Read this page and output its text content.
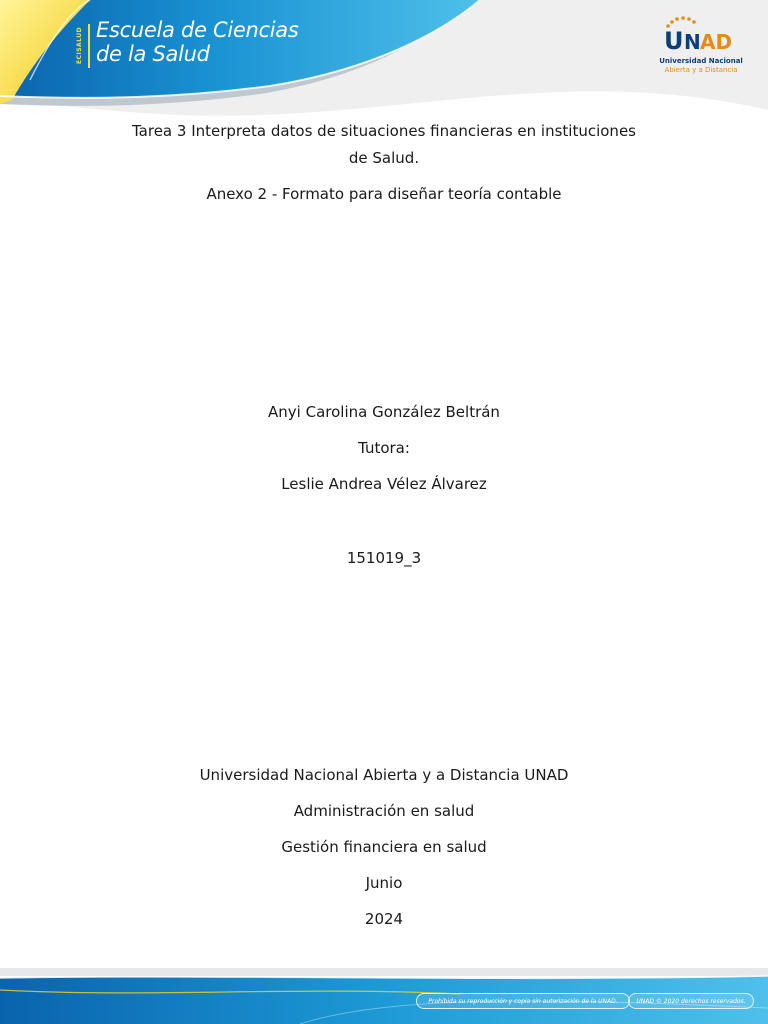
ECISALUD Escuela de Ciencias
de la Salud	U N AD
Universidad Nacional
Abierta y a Distancia
Tarea 3 Interpreta datos de situaciones financieras en instituciones
de Salud.
Anexo 2 - Formato para diseñar teoría contable
Anyi Carolina González Beltrán
Tutora:
Leslie Andrea Vélez Álvarez
151019_3
Universidad Nacional Abierta y a Distancia UNAD
Administración en salud
Gestión financiera en salud
Junio
2024
Prohibida su reproducción y copia sin autorización de la UNAD.	UNAD © 2020 derechos reservados.
